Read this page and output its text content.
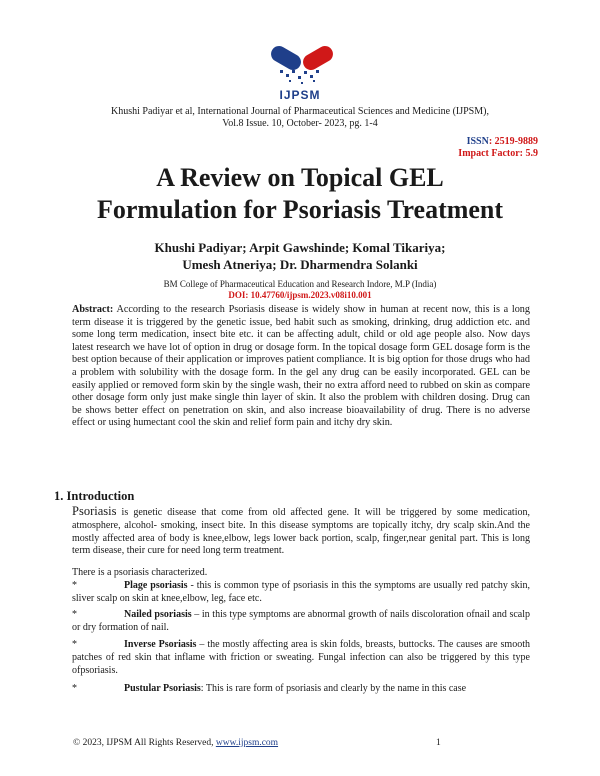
IJPSM
Khushi Padiyar et al, International Journal of Pharmaceutical Sciences and Medicine (IJPSM),
Vol.8 Issue. 10, October- 2023, pg. 1-4
ISSN: 2519-9889
Impact Factor: 5.9
A Review on Topical GEL
Formulation for Psoriasis Treatment
Khushi Padiyar; Arpit Gawshinde; Komal Tikariya;
Umesh Atneriya; Dr. Dharmendra Solanki
BM College of Pharmaceutical Education and Research Indore, M.P (India)
DOI: 10.47760/ijpsm.2023.v08i10.001
Abstract: According to the research Psoriasis disease is widely show in human at recent now, this is a long term disease it is triggered by the genetic issue, bed habit such as smoking, drinking, drug addiction etc. and some long term medication, insect bite etc. it can be affecting adult, child or old age people also. Now days latest research we have lot of option in drug or dosage form. In the topical dosage form GEL dosage form is the best option because of their application or improves patient compliance. It is big option for those drugs who had a problem with solubility with the dosage form. In the gel any drug can be easily incorporated. GEL can be easily applied or removed form skin by the single wash, their no extra afford need to rubbed on skin as compare other dosage form only just make single thin layer of skin. It also the problem with children dosing. Drug can be shows better effect on penetration on skin, and also increase bioavailability of drug. There is no adverse effect or using humectant cool the skin and relief form pain and itchy dry skin.
1. Introduction
Psoriasis is genetic disease that come from old affected gene. It will be triggered by some medication, atmosphere, alcohol- smoking, insect bite. In this disease symptoms are topically itchy, dry scalp skin.And the mostly affected area of body is knee,elbow, legs lower back portion, scalp, finger,near genital part. This is long term disease, their cure for need long term treatment.
There is a psoriasis characterized.
Plage psoriasis - this is common type of psoriasis in this the symptoms are usually red patchy skin, sliver scalp on skin at knee,elbow, leg, face etc.
*
Nailed psoriasis – in this type symptoms are abnormal growth of nails discoloration ofnail and scalp or dry formation of nail.
*
Inverse Psoriasis – the mostly affecting area is skin folds, breasts, buttocks. The causes are smooth patches of red skin that inflame with friction or sweating. Fungal infection can also be triggered by this type ofpsoriasis.
*
Pustular Psoriasis: This is rare form of psoriasis and clearly by the name in this case
*
© 2023, IJPSM All Rights Reserved, www.ijpsm.com	1
